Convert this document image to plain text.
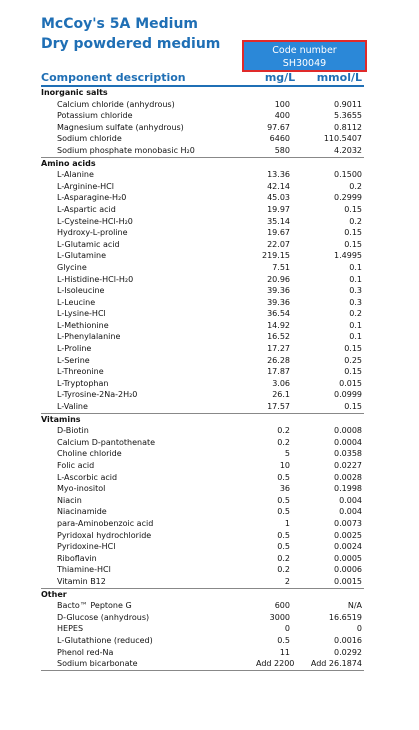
McCoy's 5A Medium
Dry powdered medium	Code number
SH30049
Component description	mg/L	mmol/L
Inorganic salts
Calcium chloride (anhydrous)	100	0.9011
Potassium chloride	400	5.3655
Magnesium sulfate (anhydrous)	97.67	0.8112
Sodium chloride	6460	110.5407
Sodium phosphate monobasic H₂0	580	4.2032
Amino acids
L-Alanine	13.36	0.1500
L-Arginine-HCl	42.14	0.2
L-Asparagine-H₂0	45.03	0.2999
L-Aspartic acid	19.97	0.15
L-Cysteine-HCl-H₂0	35.14	0.2
Hydroxy-L-proline	19.67	0.15
L-Glutamic acid	22.07	0.15
L-Glutamine	219.15	1.4995
Glycine	7.51	0.1
L-Histidine-HCl-H₂0	20.96	0.1
L-Isoleucine	39.36	0.3
L-Leucine	39.36	0.3
L-Lysine-HCl	36.54	0.2
L-Methionine	14.92	0.1
L-Phenylalanine	16.52	0.1
L-Proline	17.27	0.15
L-Serine	26.28	0.25
L-Threonine	17.87	0.15
L-Tryptophan	3.06	0.015
L-Tyrosine-2Na-2H₂0	26.1	0.0999
L-Valine	17.57	0.15
Vitamins
D-Biotin	0.2	0.0008
Calcium D-pantothenate	0.2	0.0004
Choline chloride	5	0.0358
Folic acid	10	0.0227
L-Ascorbic acid	0.5	0.0028
Myo-inositol	36	0.1998
Niacin	0.5	0.004
Niacinamide	0.5	0.004
para-Aminobenzoic acid	1	0.0073
Pyridoxal hydrochloride	0.5	0.0025
Pyridoxine-HCl	0.5	0.0024
Riboflavin	0.2	0.0005
Thiamine-HCl	0.2	0.0006
Vitamin B12	2	0.0015
Other
Bacto™ Peptone G	600	N/A
D-Glucose (anhydrous)	3000	16.6519
HEPES	0	0
L-Glutathione (reduced)	0.5	0.0016
Phenol red-Na	11	0.0292
Sodium bicarbonate	Add 2200	Add 26.1874
